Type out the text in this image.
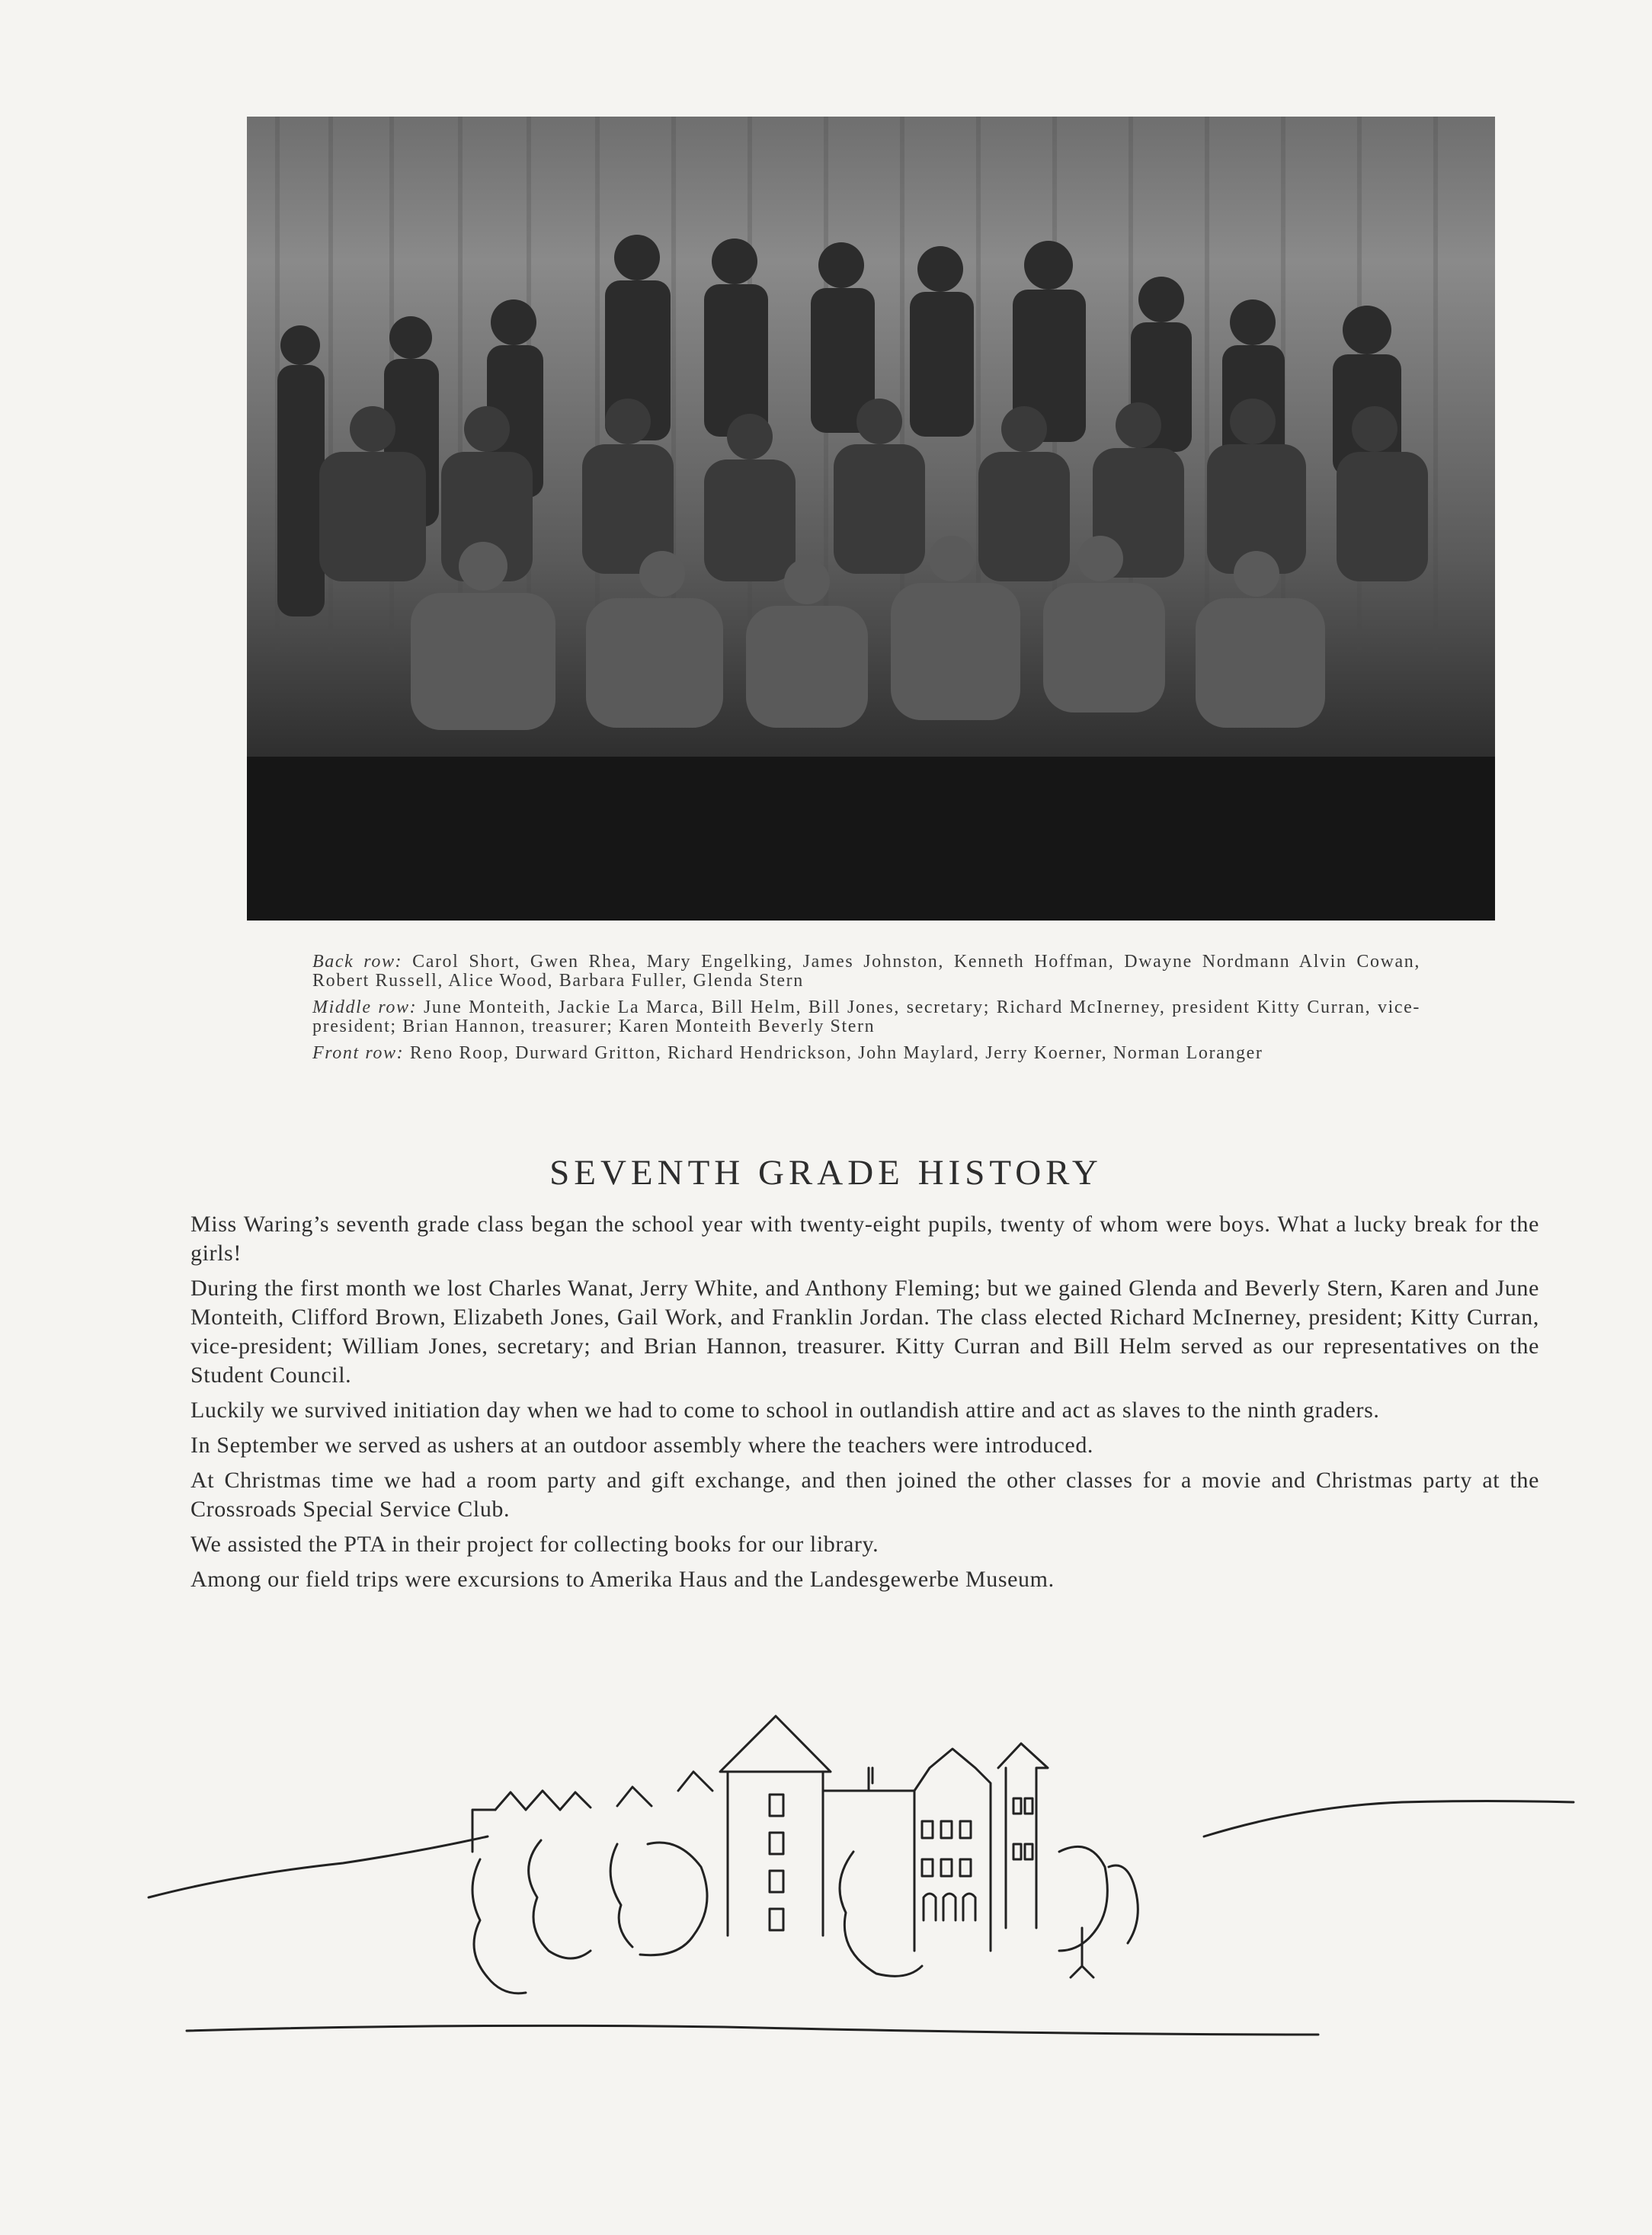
Back row: Carol Short, Gwen Rhea, Mary Engelking, James Johnston, Kenneth Hoffman, Dwayne Nordmann Alvin Cowan, Robert Russell, Alice Wood, Barbara Fuller, Glenda Stern
Middle row: June Monteith, Jackie La Marca, Bill Helm, Bill Jones, secretary; Richard McInerney, president Kitty Curran, vice-president; Brian Hannon, treasurer; Karen Monteith Beverly Stern
Front row: Reno Roop, Durward Gritton, Richard Hendrickson, John Maylard, Jerry Koerner, Norman Loranger
SEVENTH GRADE HISTORY

Miss Waring’s seventh grade class began the school year with twenty-eight pupils, twenty of whom were boys. What a lucky break for the girls!

During the first month we lost Charles Wanat, Jerry White, and Anthony Fleming; but we gained Glenda and Beverly Stern, Karen and June Monteith, Clifford Brown, Elizabeth Jones, Gail Work, and Franklin Jordan. The class elected Richard McInerney, president; Kitty Curran, vice-president; William Jones, secretary; and Brian Hannon, treasurer. Kitty Curran and Bill Helm served as our representatives on the Student Council.

Luckily we survived initiation day when we had to come to school in outlandish attire and act as slaves to the ninth graders.

In September we served as ushers at an outdoor assembly where the teachers were introduced.

At Christmas time we had a room party and gift exchange, and then joined the other classes for a movie and Christmas party at the Crossroads Special Service Club.

We assisted the PTA in their project for collecting books for our library.

Among our field trips were excursions to Amerika Haus and the Landesgewerbe Museum.
